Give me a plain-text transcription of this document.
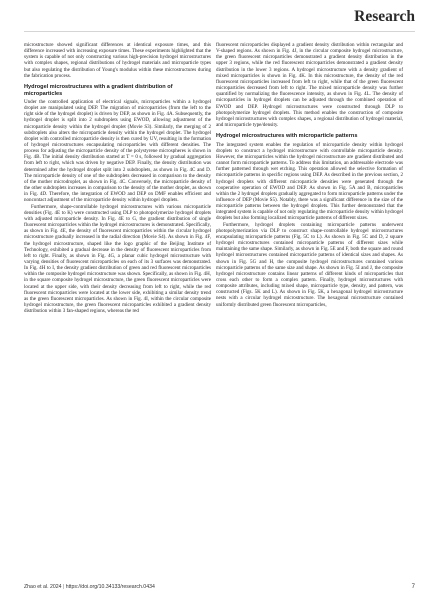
Research

microstructure showed significant differences at identical exposure times, and this difference increased with increasing exposure times. These experiments highlighted that the system is capable of not only constructing various high-precision hydrogel microstructures with complex shapes, regional distributions of hydrogel materials and microparticle types but also regulating the distribution of Young's modulus within these microstructures during the fabrication process.

Hydrogel microstructures with a gradient distribution of microparticles

Under the controlled application of electrical signals, microparticles within a hydrogel droplet are manipulated using DEP. The migration of microparticles (from the left to the right side of the hydrogel droplet) is driven by DEP, as shown in Fig. 4A. Subsequently, the hydrogel droplet is split into 2 subdroplets using EWOD, allowing adjustment of the microparticle density within the hydrogel droplet (Movie S3). Similarly, the merging of 2 subdroplets also alters the microparticle density within the hydrogel droplet. The hydrogel droplet with controlled microparticle density is then cured by UV, resulting in the formation of hydrogel microstructures encapsulating microparticles with different densities. The process for adjusting the microparticle density of the polystyrene microspheres is shown in Fig. 4B. The initial density distribution started at T = 0 s, followed by gradual aggregation from left to right, which was driven by negative DEP. Finally, the density distribution was determined after the hydrogel droplet split into 2 subdroplets, as shown in Fig. 4C and D. The microparticle density of one of the subdroplets decreased in comparison to the density of the mother microdroplet, as shown in Fig. 4C. Conversely, the microparticle density of the other subdroplets increases in comparison to the density of the mother droplet, as shown in Fig. 4D. Therefore, the integration of EWOD and DEP on DMF enables efficient and noncontact adjustment of the microparticle density within hydrogel droplets.

Furthermore, shape-controllable hydrogel microstructures with various microparticle densities (Fig. 4E to K) were constructed using DLP to photopolymerize hydrogel droplets with adjusted microparticle density. In Fig. 4E to G, the gradient distribution of single fluorescent microparticles within the hydrogel microstructures is demonstrated. Specifically, as shown in Fig. 4E, the density of fluorescent microparticles within the circular hydrogel microstructure gradually increased in the radial direction (Movie S4). As shown in Fig. 4F, the hydrogel microstructure, shaped like the logo graphic of the Beijing Institute of Technology, exhibited a gradual decrease in the density of fluorescent microparticles from left to right. Finally, as shown in Fig. 4G, a planar cubic hydrogel microstructure with varying densities of fluorescent microparticles on each of its 3 surfaces was demonstrated. In Fig. 4H to I, the density gradient distribution of green and red fluorescent microparticles within the composite hydrogel microstructure was shown. Specifically, as shown in Fig. 4H, in the square composite hydrogel microstructure, the green fluorescent microparticles were located at the upper side, with their density decreasing from left to right, while the red fluorescent microparticles were located at the lower side, exhibiting a similar density trend as the green fluorescent microparticles. As shown in Fig. 4I, within the circular composite hydrogel microstructure, the green fluorescent microparticles exhibited a gradient density distribution within 3 fan-shaped regions, whereas the red

fluorescent microparticles displayed a gradient density distribution within rectangular and V-shaped regions. As shown in Fig. 4J, in the circular composite hydrogel microstructure, the green fluorescent microparticles demonstrated a gradient density distribution in the upper 3 regions, while the red fluorescent microparticles demonstrated a gradient density distribution in the lower 3 regions. A hydrogel microstructure with a density gradient of mixed microparticles is shown in Fig. 4K. In this microstructure, the density of the red fluorescent microparticles increased from left to right, while that of the green fluorescent microparticles decreased from left to right. The mixed microparticle density was further quantified by normalizing the fluorescence intensity, as shown in Fig. 4L. The density of microparticles in hydrogel droplets can be adjusted through the combined operation of EWOD and DEP. Hydrogel microstructures were constructed through DLP to photopolymerize hydrogel droplets. This method enables the construction of composite hydrogel microstructures with complex shapes, a regional distribution of hydrogel material, and microparticle type/density.

Hydrogel microstructures with microparticle patterns

The integrated system enables the regulation of microparticle density within hydrogel droplets to construct a hydrogel microstructure with controllable microparticle density. However, the microparticles within the hydrogel microstructure are gradient distributed and cannot form microparticle patterns. To address this limitation, an addressable electrode was further patterned through wet etching. This operation allowed the selective formation of microparticle patterns in specific regions using DEP. As described in the previous section, 2 hydrogel droplets with different microparticle densities were generated through the cooperative operation of EWOD and DEP. As shown in Fig. 5A and B, microparticles within the 2 hydrogel droplets gradually aggregated to form microparticle patterns under the influence of DEP (Movie S5). Notably, there was a significant difference in the size of the microparticle patterns between the hydrogel droplets. This further demonstrated that the integrated system is capable of not only regulating the microparticle density within hydrogel droplets but also forming localized microparticle patterns of different sizes.

Furthermore, hydrogel droplets containing microparticle patterns underwent photopolymerization via DLP to construct shape-controllable hydrogel microstructures encapsulating microparticle patterns (Fig. 5C to L). As shown in Fig. 5C and D, 2 square hydrogel microstructures contained microparticle patterns of different sizes while maintaining the same shape. Similarly, as shown in Fig. 5E and F, both the square and round hydrogel microstructures contained microparticle patterns of identical sizes and shapes. As shown in Fig. 5G and H, the composite hydrogel microstructures contained various microparticle patterns of the same size and shape. As shown in Fig. 5I and J, the composite hydrogel microstructure contains linear patterns of different kinds of microparticles that cross each other to form a complex pattern. Finally, hydrogel microstructures with composite attributes, including mixed shape, microparticle type, density, and pattern, was constructed (Figs. 5K and L). As shown in Fig. 5K, a hexagonal hydrogel microstructure nests with a circular hydrogel microstructure. The hexagonal microstructure contained uniformly distributed green fluorescent microparticles,

Zhao et al. 2024 | https://doi.org/10.34133/research.0434	7
